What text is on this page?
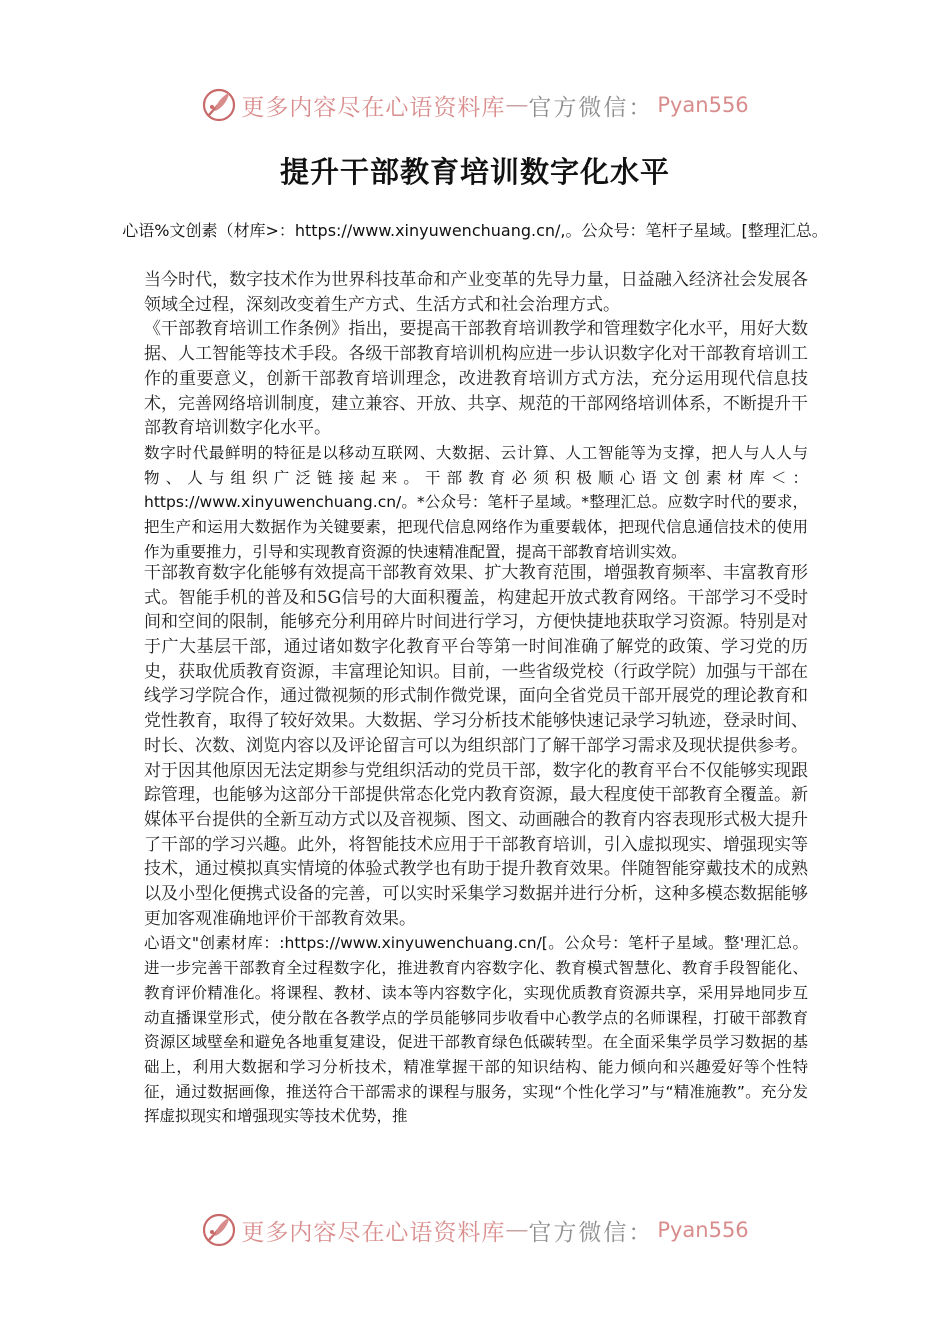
更多内容尽在心语资料库 — 官方微信： Pyan556
提升干部教育培训数字化水平
心语%文创素（材库>：https://www.xinyuwenchuang.cn/,。公众号：笔杆子星域。[整理汇总。

当今时代，数字技术作为世界科技革命和产业变革的先导力量，日益融入经济社会发展各领域全过程，深刻改变着生产方式、生活方式和社会治理方式。

《干部教育培训工作条例》指出，要提高干部教育培训教学和管理数字化水平，用好大数据、人工智能等技术手段。各级干部教育培训机构应进一步认识数字化对干部教育培训工作的重要意义，创新干部教育培训理念，改进教育培训方式方法，充分运用现代信息技术，完善网络培训制度，建立兼容、开放、共享、规范的干部网络培训体系，不断提升干部教育培训数字化水平。

数字时代最鲜明的特征是以移动互联网、大数据、云计算、人工智能等为支撑，把人与人人与物、人与组织广泛链接起来。干部教育必须积极顺心语文创素材库＜：https://www.xinyuwenchuang.cn/。*公众号：笔杆子星域。*整理汇总。应数字时代的要求，把生产和运用大数据作为关键要素，把现代信息网络作为重要载体，把现代信息通信技术的使用作为重要推力，引导和实现教育资源的快速精准配置，提高干部教育培训实效。

干部教育数字化能够有效提高干部教育效果、扩大教育范围，增强教育频率、丰富教育形式。智能手机的普及和5G信号的大面积覆盖，构建起开放式教育网络。干部学习不受时间和空间的限制，能够充分利用碎片时间进行学习，方便快捷地获取学习资源。特别是对于广大基层干部，通过诸如数字化教育平台等第一时间准确了解党的政策、学习党的历史，获取优质教育资源，丰富理论知识。目前，一些省级党校（行政学院）加强与干部在线学习学院合作，通过微视频的形式制作微党课，面向全省党员干部开展党的理论教育和党性教育，取得了较好效果。大数据、学习分析技术能够快速记录学习轨迹，登录时间、时长、次数、浏览内容以及评论留言可以为组织部门了解干部学习需求及现状提供参考。对于因其他原因无法定期参与党组织活动的党员干部，数字化的教育平台不仅能够实现跟踪管理，也能够为这部分干部提供常态化党内教育资源，最大程度使干部教育全覆盖。新媒体平台提供的全新互动方式以及音视频、图文、动画融合的教育内容表现形式极大提升了干部的学习兴趣。此外，将智能技术应用于干部教育培训，引入虚拟现实、增强现实等技术，通过模拟真实情境的体验式教学也有助于提升教育效果。伴随智能穿戴技术的成熟以及小型化便携式设备的完善，可以实时采集学习数据并进行分析，这种多模态数据能够更加客观准确地评价干部教育效果。

心语文"创素材库：:https://www.xinyuwenchuang.cn/[。公众号：笔杆子星域。整'理汇总。进一步完善干部教育全过程数字化，推进教育内容数字化、教育模式智慧化、教育手段智能化、教育评价精准化。将课程、教材、读本等内容数字化，实现优质教育资源共享，采用异地同步互动直播课堂形式，使分散在各教学点的学员能够同步收看中心教学点的名师课程，打破干部教育资源区域壁垒和避免各地重复建设，促进干部教育绿色低碳转型。在全面采集学员学习数据的基础上，利用大数据和学习分析技术，精准掌握干部的知识结构、能力倾向和兴趣爱好等个性特征，通过数据画像，推送符合干部需求的课程与服务，实现“个性化学习”与“精准施教”。充分发挥虚拟现实和增强现实等技术优势，推

更多内容尽在心语资料库 — 官方微信： Pyan556
